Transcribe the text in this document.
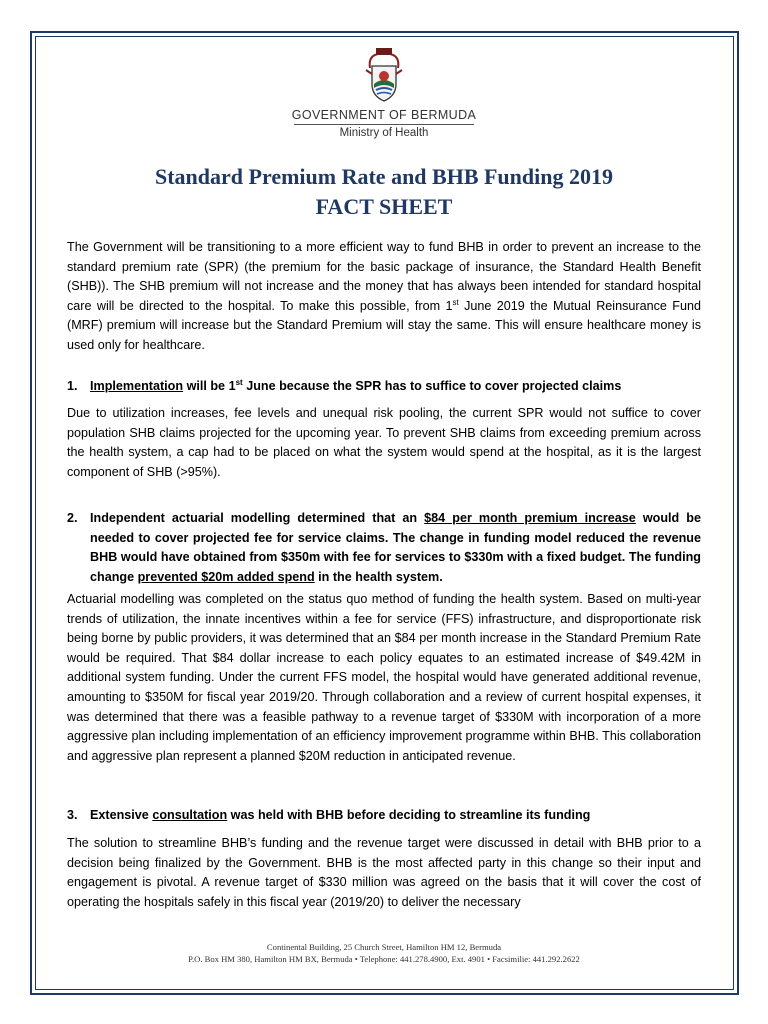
GOVERNMENT OF BERMUDA
Ministry of Health
Standard Premium Rate and BHB Funding 2019
FACT SHEET
The Government will be transitioning to a more efficient way to fund BHB in order to prevent an increase to the standard premium rate (SPR) (the premium for the basic package of insurance, the Standard Health Benefit (SHB)). The SHB premium will not increase and the money that has always been intended for standard hospital care will be directed to the hospital. To make this possible, from 1st June 2019 the Mutual Reinsurance Fund (MRF) premium will increase but the Standard Premium will stay the same. This will ensure healthcare money is used only for healthcare.
1. Implementation will be 1st June because the SPR has to suffice to cover projected claims
Due to utilization increases, fee levels and unequal risk pooling, the current SPR would not suffice to cover population SHB claims projected for the upcoming year. To prevent SHB claims from exceeding premium across the health system, a cap had to be placed on what the system would spend at the hospital, as it is the largest component of SHB (>95%).
2. Independent actuarial modelling determined that an $84 per month premium increase would be needed to cover projected fee for service claims. The change in funding model reduced the revenue BHB would have obtained from $350m with fee for services to $330m with a fixed budget. The funding change prevented $20m added spend in the health system.
Actuarial modelling was completed on the status quo method of funding the health system. Based on multi-year trends of utilization, the innate incentives within a fee for service (FFS) infrastructure, and disproportionate risk being borne by public providers, it was determined that an $84 per month increase in the Standard Premium Rate would be required. That $84 dollar increase to each policy equates to an estimated increase of $49.42M in additional system funding. Under the current FFS model, the hospital would have generated additional revenue, amounting to $350M for fiscal year 2019/20. Through collaboration and a review of current hospital expenses, it was determined that there was a feasible pathway to a revenue target of $330M with incorporation of a more aggressive plan including implementation of an efficiency improvement programme within BHB. This collaboration and aggressive plan represent a planned $20M reduction in anticipated revenue.
3. Extensive consultation was held with BHB before deciding to streamline its funding
The solution to streamline BHB’s funding and the revenue target were discussed in detail with BHB prior to a decision being finalized by the Government. BHB is the most affected party in this change so their input and engagement is pivotal. A revenue target of $330 million was agreed on the basis that it will cover the cost of operating the hospitals safely in this fiscal year (2019/20) to deliver the necessary
Continental Building, 25 Church Street, Hamilton HM 12, Bermuda
P.O. Box HM 380, Hamilton HM BX, Bermuda • Telephone: 441.278.4900, Ext. 4901 • Facsimilie: 441.292.2622
